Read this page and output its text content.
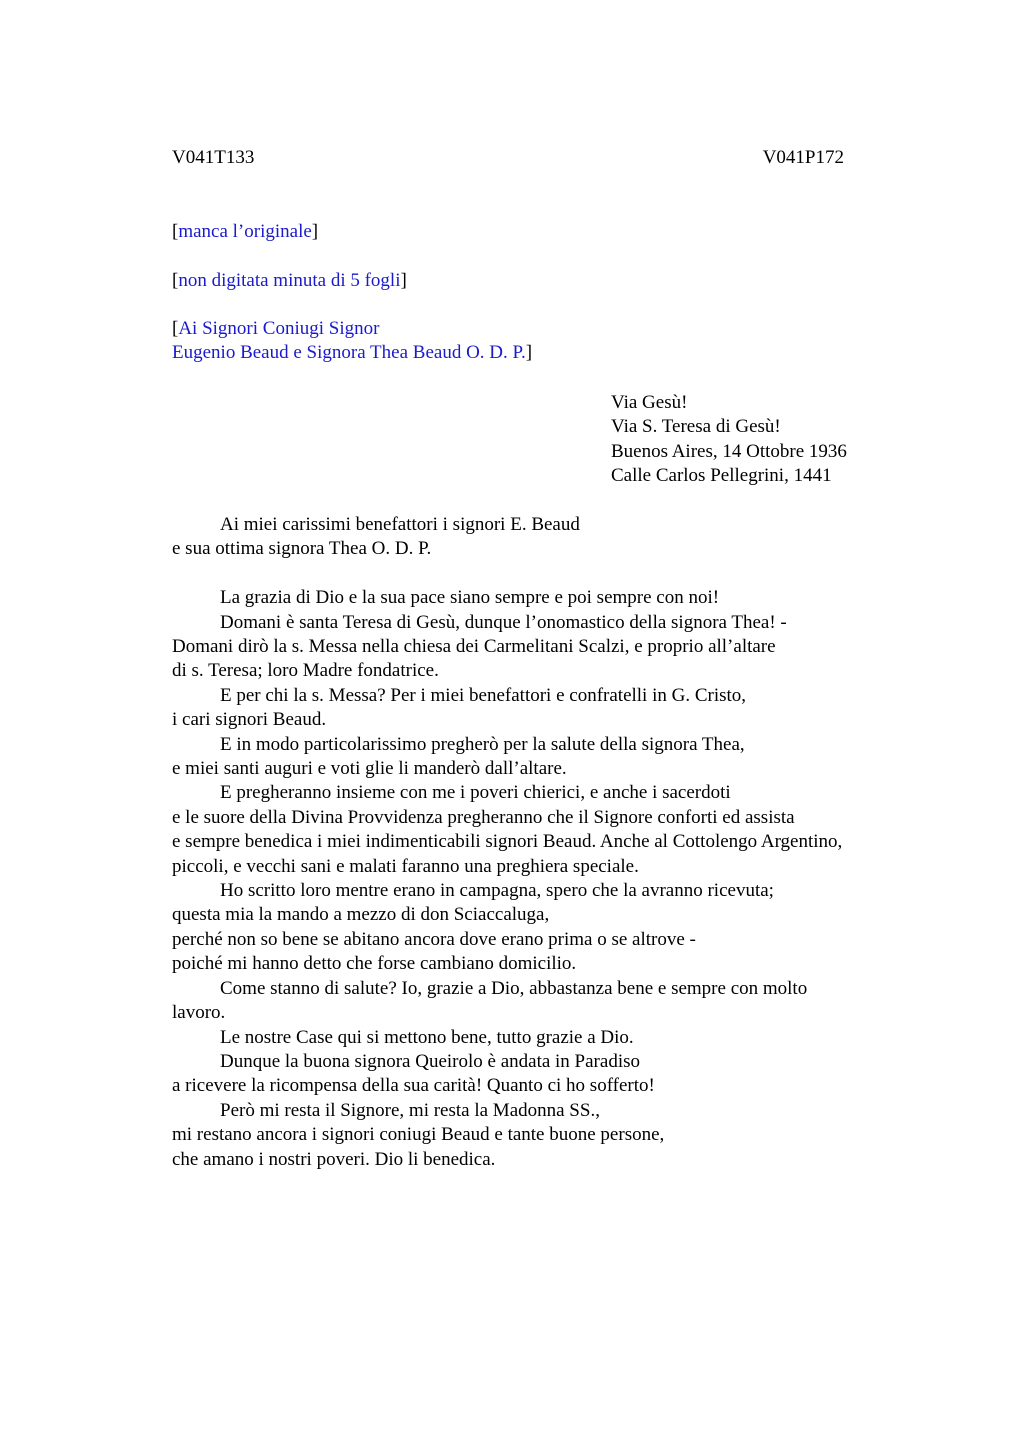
V041T133	V041P172
[manca l’originale]
[non digitata minuta di 5 fogli]
[Ai Signori Coniugi Signor
Eugenio Beaud e Signora Thea Beaud O. D. P.]
Via Gesù!
Via S. Teresa di Gesù!
Buenos Aires, 14 Ottobre 1936
Calle Carlos Pellegrini, 1441
Ai miei carissimi benefattori i signori E. Beaud
e sua ottima signora Thea O. D. P.
La grazia di Dio e la sua pace siano sempre e poi sempre con noi!
Domani è santa Teresa di Gesù, dunque l’onomastico della signora Thea! -
Domani dirò la s. Messa nella chiesa dei Carmelitani Scalzi, e proprio all’altare
di s. Teresa; loro Madre fondatrice.
E per chi la s. Messa? Per i miei benefattori e confratelli in G. Cristo,
i cari signori Beaud.
E in modo particolarissimo pregherò per la salute della signora Thea,
e miei santi auguri e voti glie li manderò dall’altare.
E pregheranno insieme con me i poveri chierici, e anche i sacerdoti
e le suore della Divina Provvidenza pregheranno che il Signore conforti ed assista
e sempre benedica i miei indimenticabili signori Beaud. Anche al Cottolengo Argentino,
piccoli, e vecchi sani e malati faranno una preghiera speciale.
Ho scritto loro mentre erano in campagna, spero che la avranno ricevuta;
questa mia la mando a mezzo di don Sciaccaluga,
perché non so bene se abitano ancora dove erano prima o se altrove -
poiché mi hanno detto che forse cambiano domicilio.
Come stanno di salute? Io, grazie a Dio, abbastanza bene e sempre con molto
lavoro.
Le nostre Case qui si mettono bene, tutto grazie a Dio.
Dunque la buona signora Queirolo è andata in Paradiso
a ricevere la ricompensa della sua carità! Quanto ci ho sofferto!
Però mi resta il Signore, mi resta la Madonna SS.,
mi restano ancora i signori coniugi Beaud e tante buone persone,
che amano i nostri poveri. Dio li benedica.
